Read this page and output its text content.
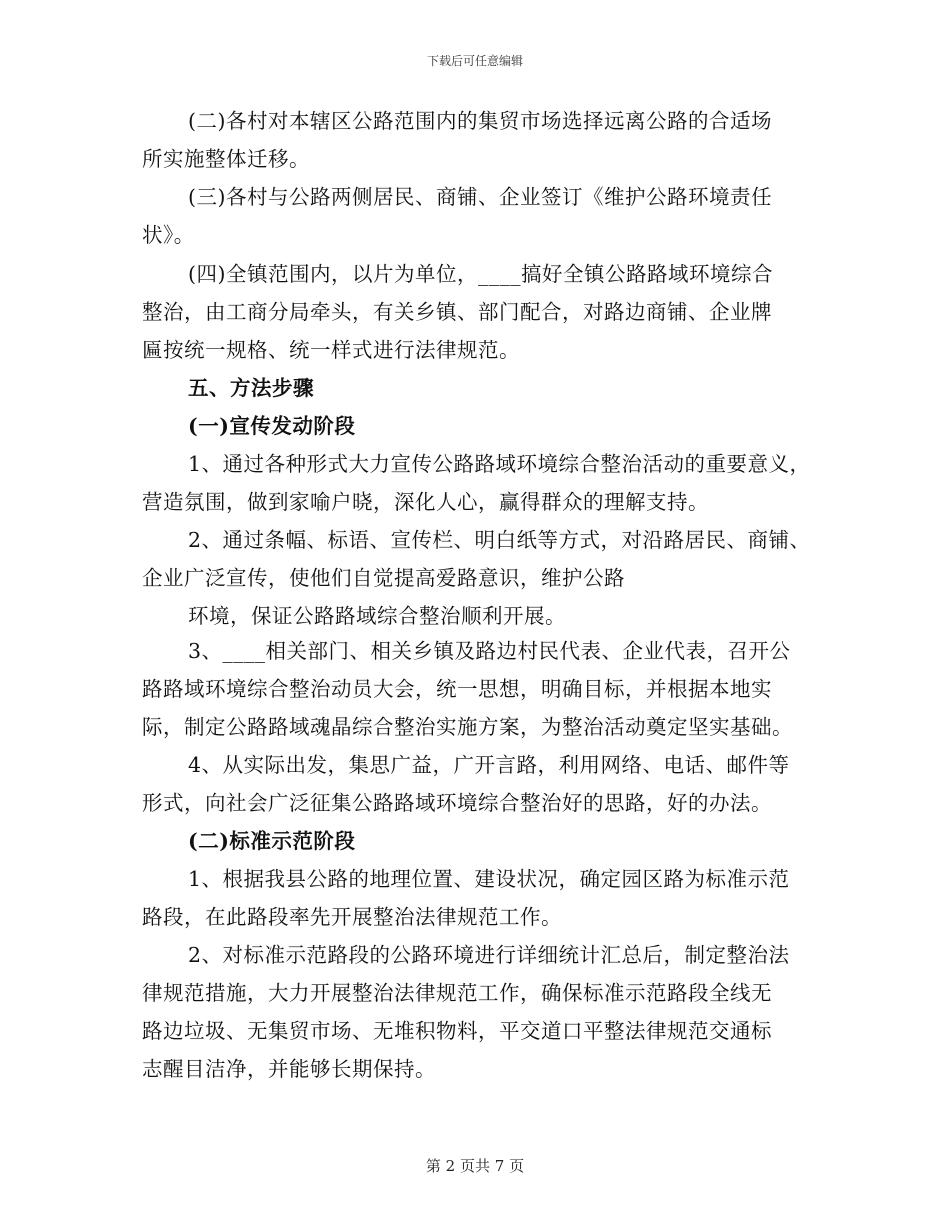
下载后可任意编辑
(二)各村对本辖区公路范围内的集贸市场选择远离公路的合适场
所实施整体迁移。
(三)各村与公路两侧居民、商铺、企业签订《维护公路环境责任
状》。
(四)全镇范围内，以片为单位，____搞好全镇公路路域环境综合
整治，由工商分局牵头，有关乡镇、部门配合，对路边商铺、企业牌
匾按统一规格、统一样式进行法律规范。
五、方法步骤
(一)宣传发动阶段
1、通过各种形式大力宣传公路路域环境综合整治活动的重要意义，
营造氛围，做到家喻户晓，深化人心，赢得群众的理解支持。
2、通过条幅、标语、宣传栏、明白纸等方式，对沿路居民、商铺、
企业广泛宣传，使他们自觉提高爱路意识，维护公路
环境，保证公路路域综合整治顺利开展。
3、____相关部门、相关乡镇及路边村民代表、企业代表，召开公
路路域环境综合整治动员大会，统一思想，明确目标，并根据本地实
际，制定公路路域魂晶综合整治实施方案，为整治活动奠定坚实基础。
4、从实际出发，集思广益，广开言路，利用网络、电话、邮件等
形式，向社会广泛征集公路路域环境综合整治好的思路，好的办法。
(二)标准示范阶段
1、根据我县公路的地理位置、建设状况，确定园区路为标准示范
路段，在此路段率先开展整治法律规范工作。
2、对标准示范路段的公路环境进行详细统计汇总后，制定整治法
律规范措施，大力开展整治法律规范工作，确保标准示范路段全线无
路边垃圾、无集贸市场、无堆积物料，平交道口平整法律规范交通标
志醒目洁净，并能够长期保持。
第 2 页共 7 页
